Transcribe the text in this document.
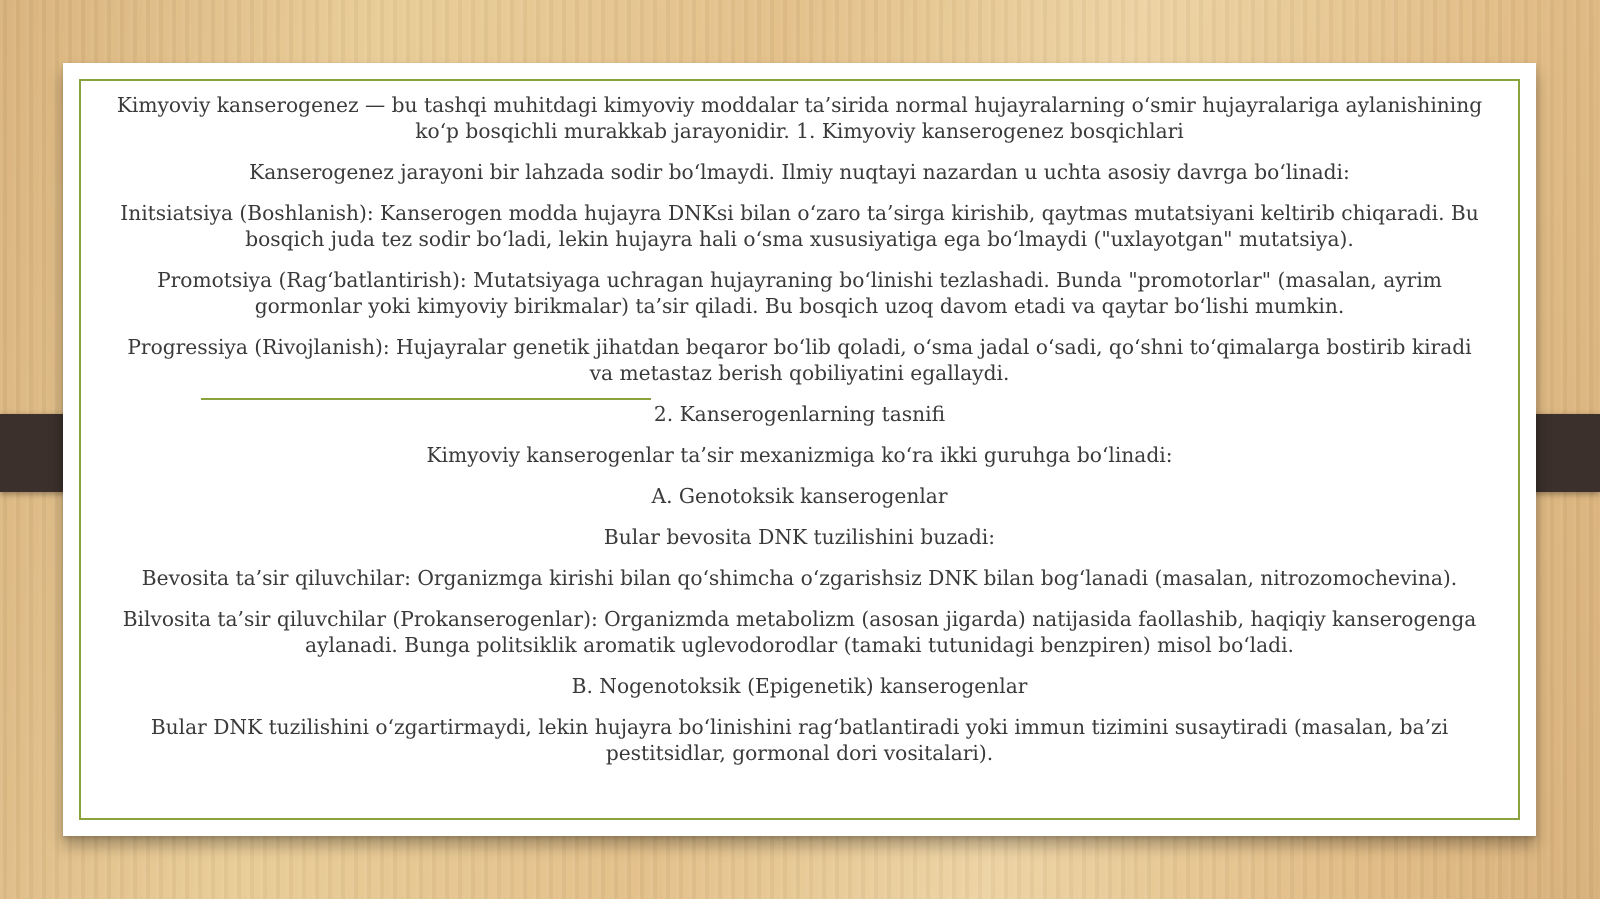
Kimyoviy kanserogenez — bu tashqi muhitdagi kimyoviy moddalar ta’sirida normal hujayralarning o‘smir hujayralariga aylanishining ko‘p bosqichli murakkab jarayonidir. 1. Kimyoviy kanserogenez bosqichlari

Kanserogenez jarayoni bir lahzada sodir bo‘lmaydi. Ilmiy nuqtayi nazardan u uchta asosiy davrga bo‘linadi:

Initsiatsiya (Boshlanish): Kanserogen modda hujayra DNKsi bilan o‘zaro ta’sirga kirishib, qaytmas mutatsiyani keltirib chiqaradi. Bu bosqich juda tez sodir bo‘ladi, lekin hujayra hali o‘sma xususiyatiga ega bo‘lmaydi ("uxlayotgan" mutatsiya).

Promotsiya (Rag‘batlantirish): Mutatsiyaga uchragan hujayraning bo‘linishi tezlashadi. Bunda "promotorlar" (masalan, ayrim gormonlar yoki kimyoviy birikmalar) ta’sir qiladi. Bu bosqich uzoq davom etadi va qaytar bo‘lishi mumkin.

Progressiya (Rivojlanish): Hujayralar genetik jihatdan beqaror bo‘lib qoladi, o‘sma jadal o‘sadi, qo‘shni to‘qimalarga bostirib kiradi va metastaz berish qobiliyatini egallaydi.

2. Kanserogenlarning tasnifi

Kimyoviy kanserogenlar ta’sir mexanizmiga ko‘ra ikki guruhga bo‘linadi:

A. Genotoksik kanserogenlar

Bular bevosita DNK tuzilishini buzadi:

Bevosita ta’sir qiluvchilar: Organizmga kirishi bilan qo‘shimcha o‘zgarishsiz DNK bilan bog‘lanadi (masalan, nitrozomochevina).

Bilvosita ta’sir qiluvchilar (Prokanserogenlar): Organizmda metabolizm (asosan jigarda) natijasida faollashib, haqiqiy kanserogenga aylanadi. Bunga politsiklik aromatik uglevodorodlar (tamaki tutunidagi benzpiren) misol bo‘ladi.

B. Nogenotoksik (Epigenetik) kanserogenlar

Bular DNK tuzilishini o‘zgartirmaydi, lekin hujayra bo‘linishini rag‘batlantiradi yoki immun tizimini susaytiradi (masalan, ba’zi pestitsidlar, gormonal dori vositalari).
